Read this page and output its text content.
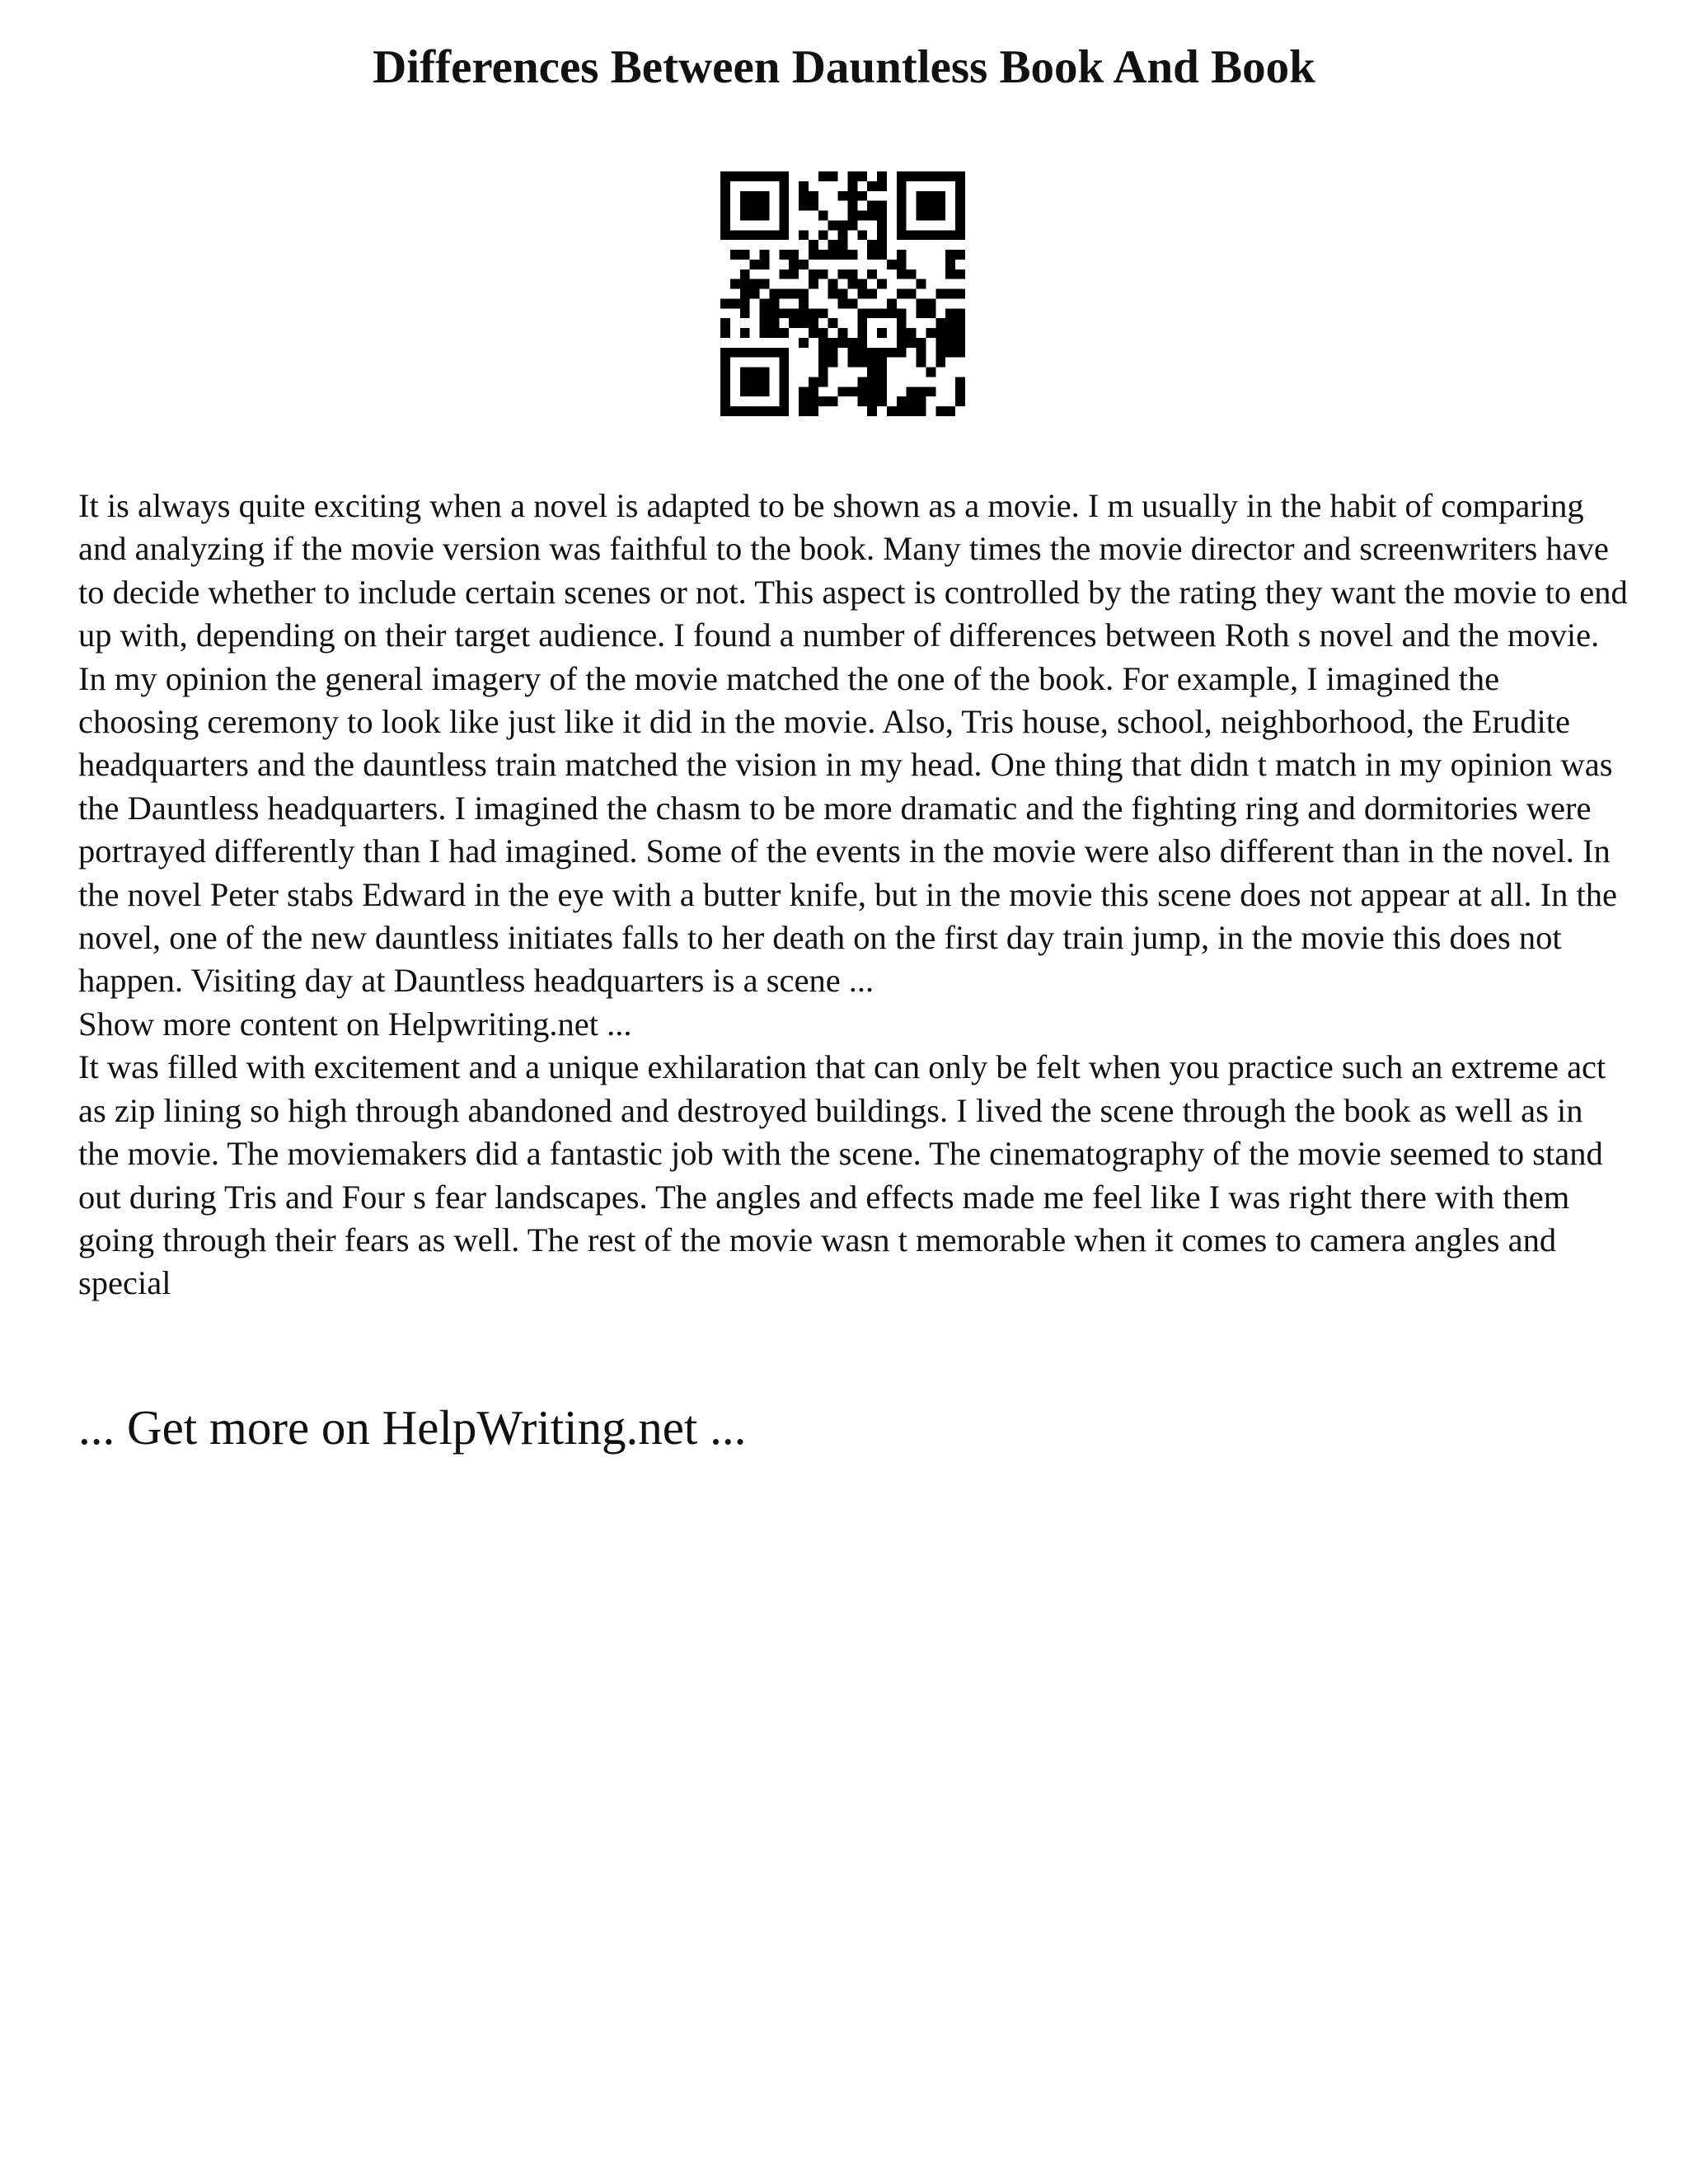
Differences Between Dauntless Book And Book

It is always quite exciting when a novel is adapted to be shown as a movie. I m usually in the habit of comparing and analyzing if the movie version was faithful to the book. Many times the movie director and screenwriters have to decide whether to include certain scenes or not. This aspect is controlled by the rating they want the movie to end up with, depending on their target audience. I found a number of differences between Roth s novel and the movie. In my opinion the general imagery of the movie matched the one of the book. For example, I imagined the choosing ceremony to look like just like it did in the movie. Also, Tris house, school, neighborhood, the Erudite headquarters and the dauntless train matched the vision in my head. One thing that didn t match in my opinion was the Dauntless headquarters. I imagined the chasm to be more dramatic and the fighting ring and dormitories were portrayed differently than I had imagined. Some of the events in the movie were also different than in the novel. In the novel Peter stabs Edward in the eye with a butter knife, but in the movie this scene does not appear at all. In the novel, one of the new dauntless initiates falls to her death on the first day train jump, in the movie this does not happen. Visiting day at Dauntless headquarters is a scene ...

Show more content on Helpwriting.net ...

It was filled with excitement and a unique exhilaration that can only be felt when you practice such an extreme act as zip lining so high through abandoned and destroyed buildings. I lived the scene through the book as well as in the movie. The moviemakers did a fantastic job with the scene. The cinematography of the movie seemed to stand out during Tris and Four s fear landscapes. The angles and effects made me feel like I was right there with them going through their fears as well. The rest of the movie wasn t memorable when it comes to camera angles and special

... Get more on HelpWriting.net ...
